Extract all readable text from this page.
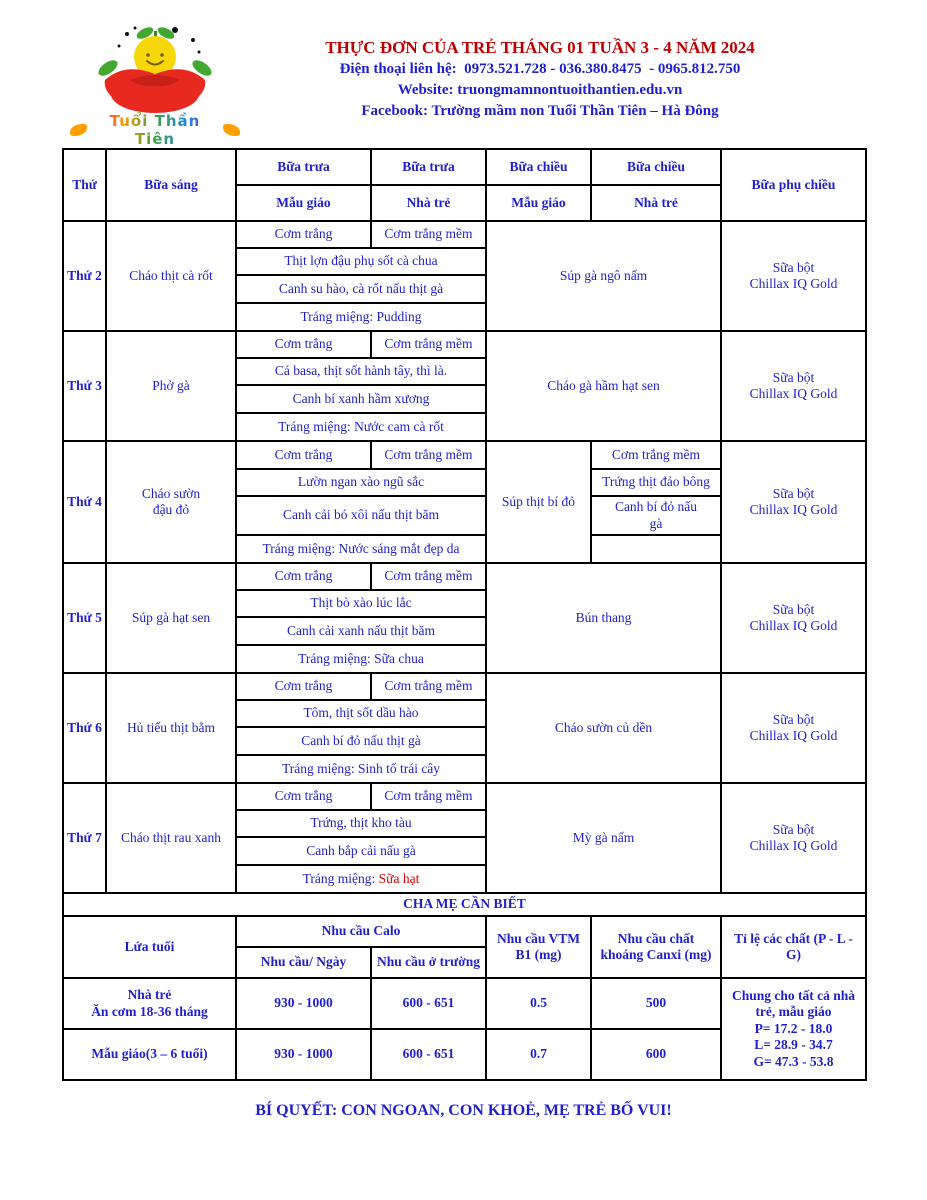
Tuổi Thần Tiên
THỰC ĐƠN CỦA TRẺ THÁNG 01 TUẦN 3 - 4 NĂM 2024
Điện thoại liên hệ:  0973.521.728 - 036.380.8475  - 0965.812.750
Website: truongmamnontuoithantien.edu.vn
Facebook: Trường mầm non Tuổi Thần Tiên – Hà Đông
Thứ	Bữa sáng	Bữa trưa	Bữa trưa	Bữa chiều	Bữa chiều	Bữa phụ chiều
		Mẫu giáo	Nhà trẻ	Mẫu giáo	Nhà trẻ	
Thứ 2	Cháo thịt cà rốt	Cơm trắng	Cơm trắng mềm	Súp gà ngô nấm		Sữa bột
Chillax IQ Gold

		Thịt lợn đậu phụ sốt cà chua				
		Canh su hào, cà rốt nấu thịt gà				
		Tráng miệng: Pudding				
Thứ 3	Phở gà	Cơm trắng	Cơm trắng mềm	Cháo gà hầm hạt sen		Sữa bột
Chillax IQ Gold

		Cá basa, thịt sốt hành tây, thì là.				
		Canh bí xanh hầm xương				
		Tráng miệng: Nước cam cà rốt				
Thứ 4	Cháo sườn đậu đỏ	Cơm trắng	Cơm trắng mềm	Súp thịt bí đỏ	Cơm trắng mềm	Sữa bột
Chillax IQ Gold

		Lườn ngan xào ngũ sắc			Trứng thịt đảo bông	
		Canh cải bó xôi nấu thịt băm			Canh bí đỏ nấu gà	
		Tráng miệng: Nước sáng mắt đẹp da				
Thứ 5	Súp gà hạt sen	Cơm trắng	Cơm trắng mềm	Bún thang		Sữa bột
Chillax IQ Gold

		Thịt bò xào lúc lắc				
		Canh cải xanh nấu thịt băm				
		Tráng miệng: Sữa chua				
Thứ 6	Hủ tiếu thịt bằm	Cơm trắng	Cơm trắng mềm	Cháo sườn củ dền		Sữa bột
Chillax IQ Gold

		Tôm, thịt sốt dầu hào				
		Canh bí đỏ nấu thịt gà				
		Tráng miệng: Sinh tố trái cây				
Thứ 7	Cháo thịt rau xanh	Cơm trắng	Cơm trắng mềm	Mỳ gà nấm		Sữa bột
Chillax IQ Gold

		Trứng, thịt kho tàu				
		Canh bắp cải nấu gà				
		Tráng miệng: Sữa hạt				
CHA MẸ CẦN BIẾT						
Lứa tuổi		Nhu cầu Calo		Nhu cầu VTM B1 (mg)	Nhu cầu chất khoáng Canxi (mg)	Tỉ lệ các chất (P - L - G)
		Nhu cầu/ Ngày	Nhu cầu ở trường			

Nhà trẻ
Ăn cơm 18-36 tháng		930 - 1000	600 - 651	0.5	500	Chung cho tất cả nhà trẻ, mẫu giáo
P= 17.2 - 18.0
L= 28.9 - 34.7
G= 47.3 - 53.8

Mẫu giáo(3 – 6 tuổi)		930 - 1000	600 - 651	0.7	600	
BÍ QUYẾT: CON NGOAN, CON KHOẺ, MẸ TRẺ BỐ VUI!
